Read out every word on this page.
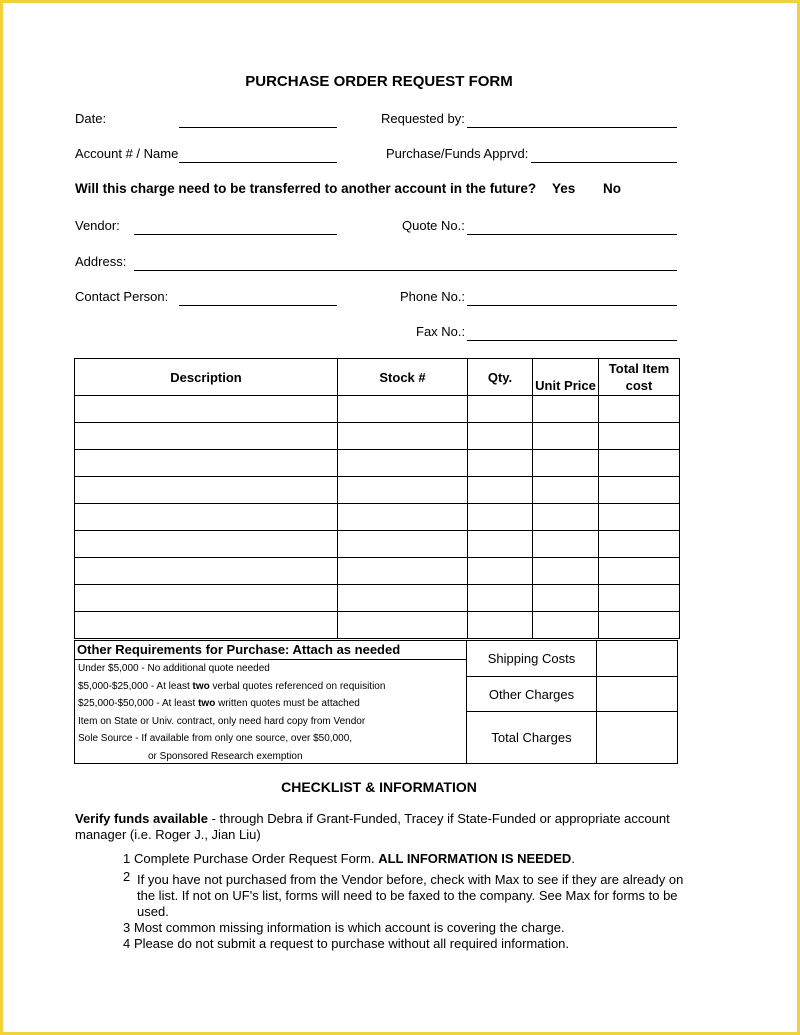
PURCHASE ORDER REQUEST FORM
Date:	Requested by:
Account # / Name	Purchase/Funds Apprvd:
Will this charge need to be transferred to another account in the future? Yes No
Vendor:	Quote No.:
Address:
Contact Person:	Phone No.:
Fax No.:
Description	Stock #	Qty.	Unit Price	Total Item
cost

Other Requirements for Purchase: Attach as needed
Under $5,000 - No additional quote needed
$5,000-$25,000 - At least two verbal quotes referenced on requisition
$25,000-$50,000 - At least two written quotes must be attached
Item on State or Univ. contract, only need hard copy from Vendor
Sole Source - If available from only one source, over $50,000,
or Sponsored Research exemption
Shipping Costs	
Other Charges	
Total Charges	
CHECKLIST & INFORMATION
Verify funds available - through Debra if Grant-Funded, Tracey if State-Funded or appropriate account manager (i.e. Roger J., Jian Liu)
1 Complete Purchase Order Request Form. ALL INFORMATION IS NEEDED.
2 If you have not purchased from the Vendor before, check with Max to see if they are already on the list. If not on UF's list, forms will need to be faxed to the company. See Max for forms to be used.
3 Most common missing information is which account is covering the charge.
4 Please do not submit a request to purchase without all required information.
